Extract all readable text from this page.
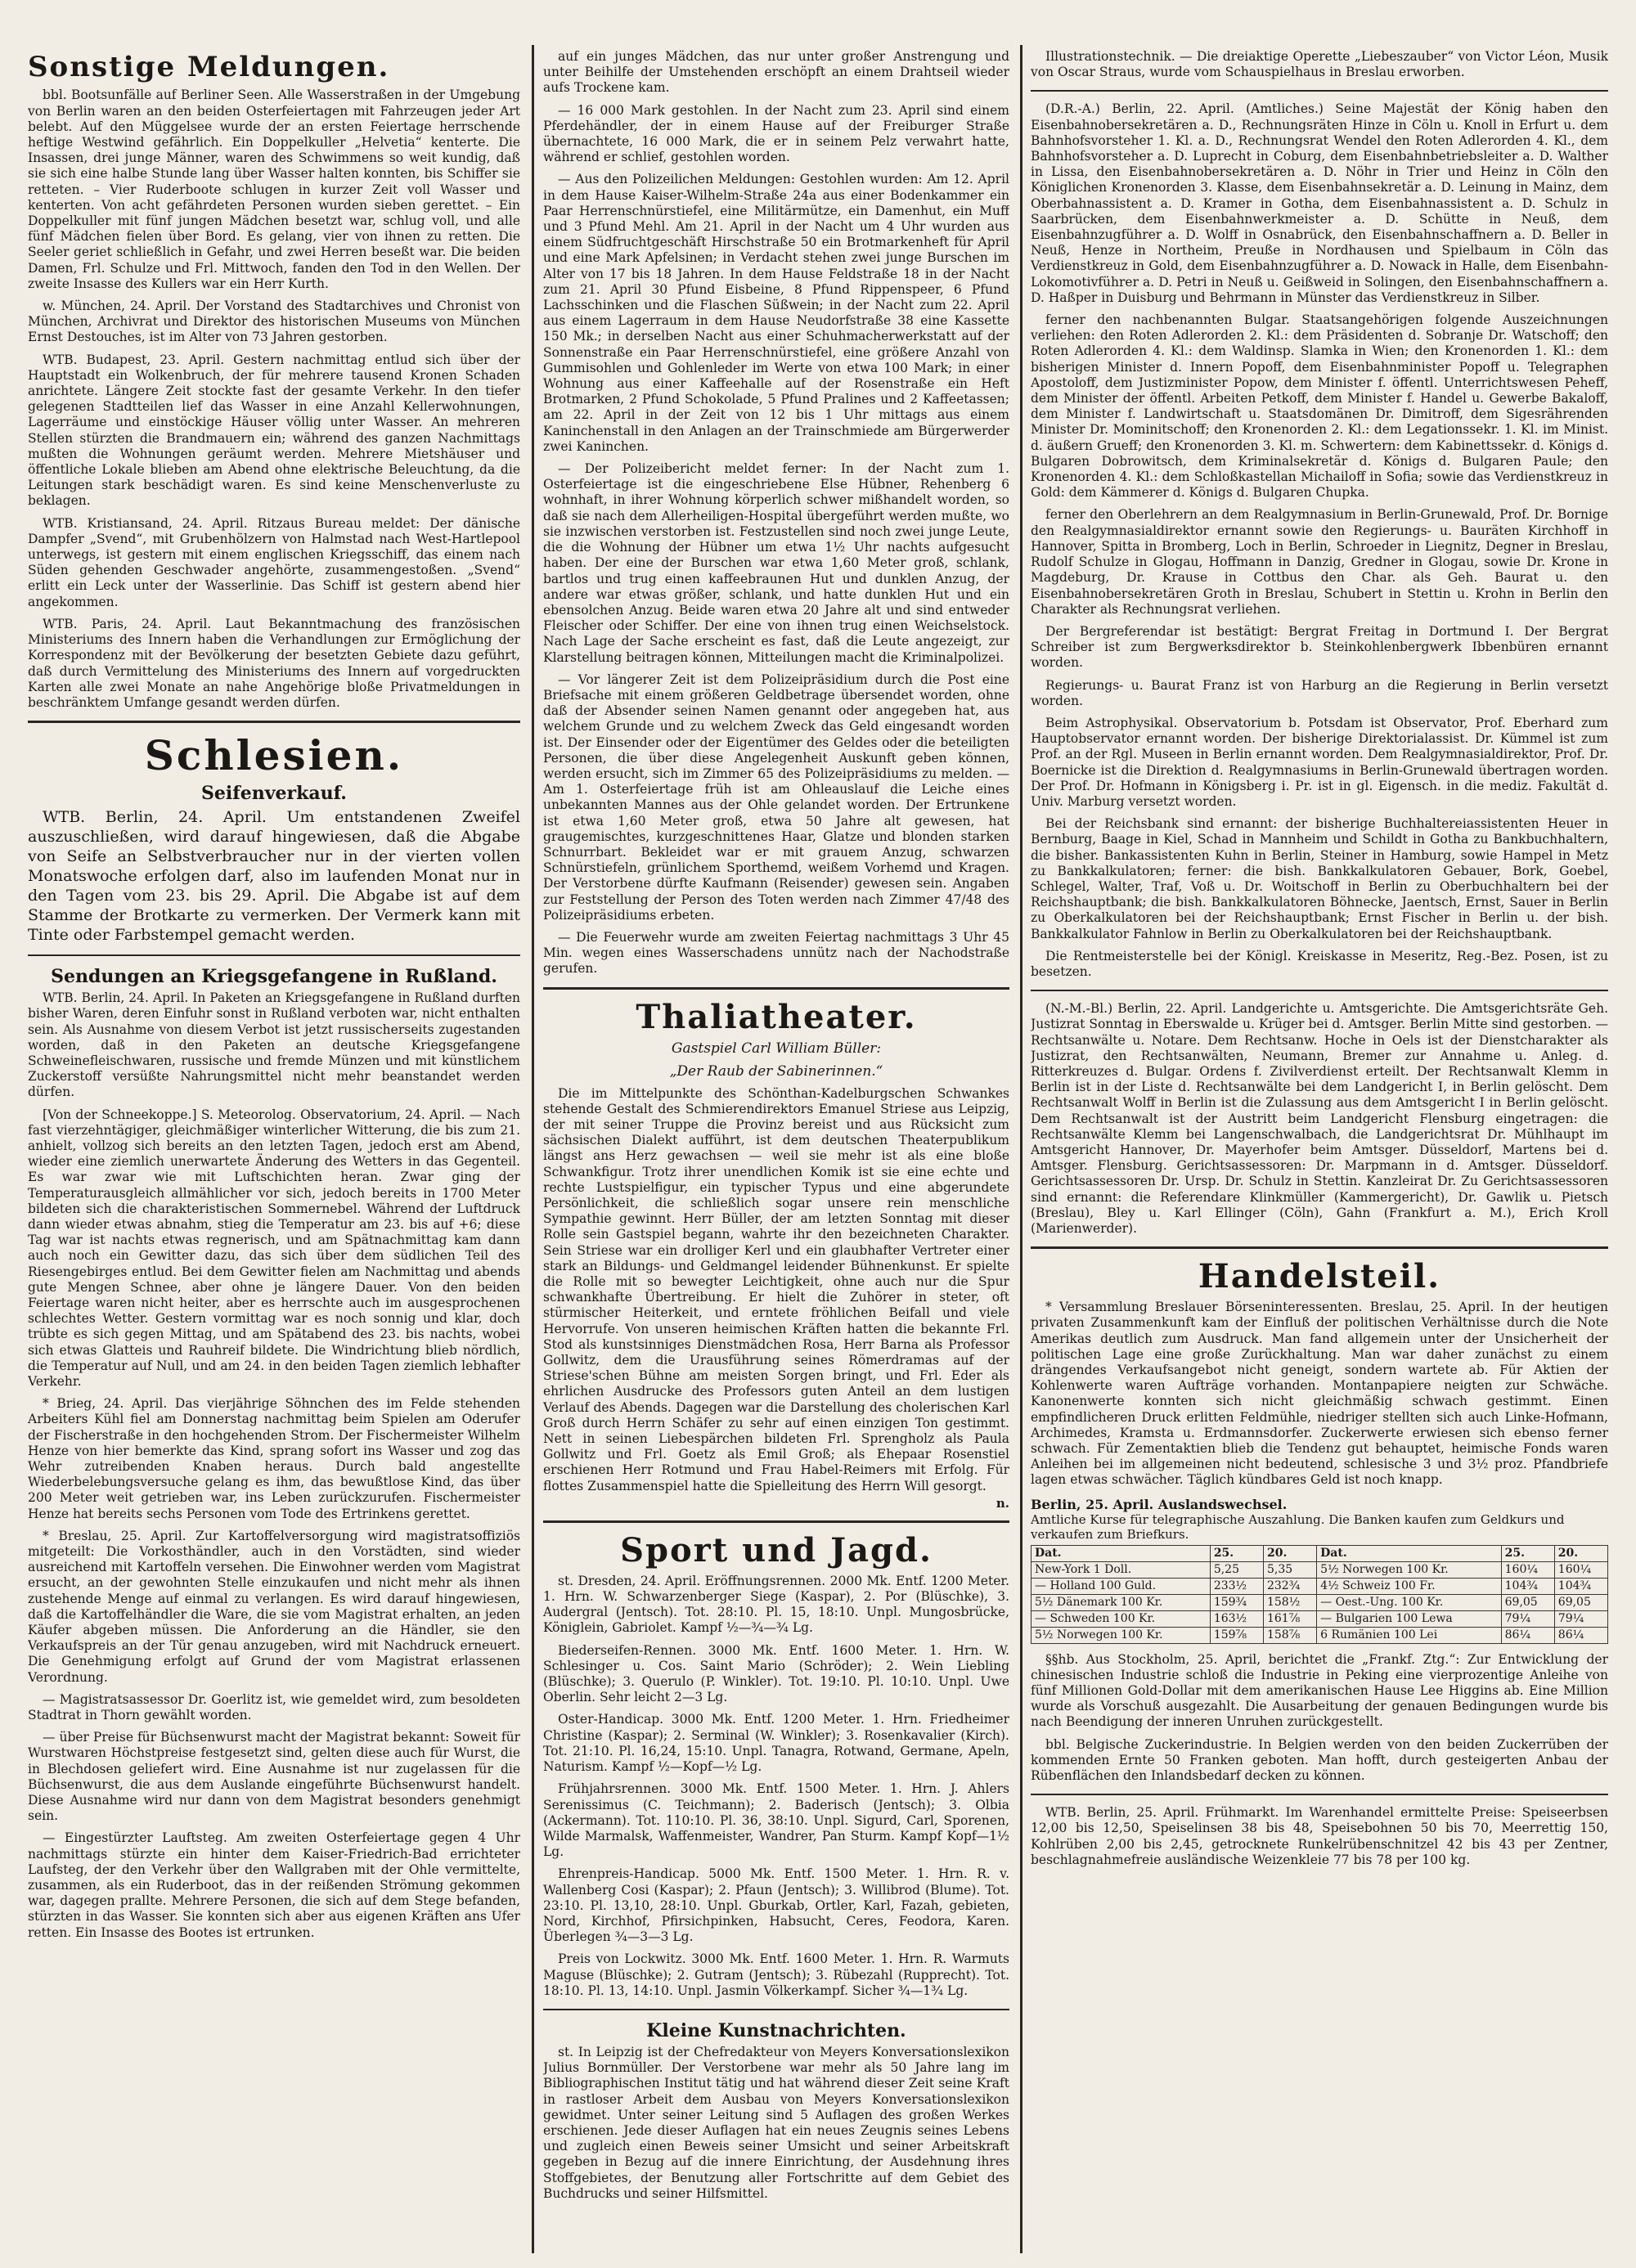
Sonstige Meldungen.

bbl. Bootsunfälle auf Berliner Seen. Alle Wasserstraßen in der Umgebung von Berlin waren an den beiden Osterfeiertagen mit Fahrzeugen jeder Art belebt. Auf den Müggelsee wurde der an ersten Feiertage herrschende heftige Westwind gefährlich. Ein Doppelkuller „Helvetia“ kenterte. Die Insassen, drei junge Männer, waren des Schwimmens so weit kundig, daß sie sich eine halbe Stunde lang über Wasser halten konnten, bis Schiffer sie retteten. – Vier Ruderboote schlugen in kurzer Zeit voll Wasser und kenterten. Von acht gefährdeten Personen wurden sieben gerettet. – Ein Doppelkuller mit fünf jungen Mädchen besetzt war, schlug voll, und alle fünf Mädchen fielen über Bord. Es gelang, vier von ihnen zu retten. Die Seeler geriet schließlich in Gefahr, und zwei Herren beseßt war. Die beiden Damen, Frl. Schulze und Frl. Mittwoch, fanden den Tod in den Wellen. Der zweite Insasse des Kullers war ein Herr Kurth.

w. München, 24. April. Der Vorstand des Stadtarchives und Chronist von München, Archivrat und Direktor des historischen Museums von München Ernst Destouches, ist im Alter von 73 Jahren gestorben.

WTB. Budapest, 23. April. Gestern nachmittag entlud sich über der Hauptstadt ein Wolkenbruch, der für mehrere tausend Kronen Schaden anrichtete. Längere Zeit stockte fast der gesamte Verkehr. In den tiefer gelegenen Stadtteilen lief das Wasser in eine Anzahl Kellerwohnungen, Lagerräume und einstöckige Häuser völlig unter Wasser. An mehreren Stellen stürzten die Brandmauern ein; während des ganzen Nachmittags mußten die Wohnungen geräumt werden. Mehrere Mietshäuser und öffentliche Lokale blieben am Abend ohne elektrische Beleuchtung, da die Leitungen stark beschädigt waren. Es sind keine Menschenverluste zu beklagen.

WTB. Kristiansand, 24. April. Ritzaus Bureau meldet: Der dänische Dampfer „Svend“, mit Grubenhölzern von Halmstad nach West-Hartlepool unterwegs, ist gestern mit einem englischen Kriegsschiff, das einem nach Süden gehenden Geschwader angehörte, zusammengestoßen. „Svend“ erlitt ein Leck unter der Wasserlinie. Das Schiff ist gestern abend hier angekommen.

WTB. Paris, 24. April. Laut Bekanntmachung des französischen Ministeriums des Innern haben die Verhandlungen zur Ermöglichung der Korrespondenz mit der Bevölkerung der besetzten Gebiete dazu geführt, daß durch Vermittelung des Ministeriums des Innern auf vorgedruckten Karten alle zwei Monate an nahe Angehörige bloße Privatmeldungen in beschränktem Umfange gesandt werden dürfen.

Schlesien.
Seifenverkauf.

WTB. Berlin, 24. April. Um entstandenen Zweifel auszuschließen, wird darauf hingewiesen, daß die Abgabe von Seife an Selbstverbraucher nur in der vierten vollen Monatswoche erfolgen darf, also im laufenden Monat nur in den Tagen vom 23. bis 29. April. Die Abgabe ist auf dem Stamme der Brotkarte zu vermerken. Der Vermerk kann mit Tinte oder Farbstempel gemacht werden.

Sendungen an Kriegsgefangene in Rußland.

WTB. Berlin, 24. April. In Paketen an Kriegsgefangene in Rußland durften bisher Waren, deren Einfuhr sonst in Rußland verboten war, nicht enthalten sein. Als Ausnahme von diesem Verbot ist jetzt russischerseits zugestanden worden, daß in den Paketen an deutsche Kriegsgefangene Schweinefleischwaren, russische und fremde Münzen und mit künstlichem Zuckerstoff versüßte Nahrungsmittel nicht mehr beanstandet werden dürfen.

[Von der Schneekoppe.] S. Meteorolog. Observatorium, 24. April. — Nach fast vierzehntägiger, gleichmäßiger winterlicher Witterung, die bis zum 21. anhielt, vollzog sich bereits an den letzten Tagen, jedoch erst am Abend, wieder eine ziemlich unerwartete Änderung des Wetters in das Gegenteil. Es war zwar wie mit Luftschichten heran. Zwar ging der Temperaturausgleich allmählicher vor sich, jedoch bereits in 1700 Meter bildeten sich die charakteristischen Sommernebel. Während der Luftdruck dann wieder etwas abnahm, stieg die Temperatur am 23. bis auf +6; diese Tag war ist nachts etwas regnerisch, und am Spätnachmittag kam dann auch noch ein Gewitter dazu, das sich über dem südlichen Teil des Riesengebirges entlud. Bei dem Gewitter fielen am Nachmittag und abends gute Mengen Schnee, aber ohne je längere Dauer. Von den beiden Feiertage waren nicht heiter, aber es herrschte auch im ausgesprochenen schlechtes Wetter. Gestern vormittag war es noch sonnig und klar, doch trübte es sich gegen Mittag, und am Spätabend des 23. bis nachts, wobei sich etwas Glatteis und Rauhreif bildete. Die Windrichtung blieb nördlich, die Temperatur auf Null, und am 24. in den beiden Tagen ziemlich lebhafter Verkehr.

* Brieg, 24. April. Das vierjährige Söhnchen des im Felde stehenden Arbeiters Kühl fiel am Donnerstag nachmittag beim Spielen am Oderufer der Fischerstraße in den hochgehenden Strom. Der Fischermeister Wilhelm Henze von hier bemerkte das Kind, sprang sofort ins Wasser und zog das Wehr zutreibenden Knaben heraus. Durch bald angestellte Wiederbelebungsversuche gelang es ihm, das bewußtlose Kind, das über 200 Meter weit getrieben war, ins Leben zurückzurufen. Fischermeister Henze hat bereits sechs Personen vom Tode des Ertrinkens gerettet.

* Breslau, 25. April. Zur Kartoffelversorgung wird magistratsoffiziös mitgeteilt: Die Vorkosthändler, auch in den Vorstädten, sind wieder ausreichend mit Kartoffeln versehen. Die Einwohner werden vom Magistrat ersucht, an der gewohnten Stelle einzukaufen und nicht mehr als ihnen zustehende Menge auf einmal zu verlangen. Es wird darauf hingewiesen, daß die Kartoffelhändler die Ware, die sie vom Magistrat erhalten, an jeden Käufer abgeben müssen. Die Anforderung an die Händler, sie den Verkaufspreis an der Tür genau anzugeben, wird mit Nachdruck erneuert. Die Genehmigung erfolgt auf Grund der vom Magistrat erlassenen Verordnung.

— Magistratsassessor Dr. Goerlitz ist, wie gemeldet wird, zum besoldeten Stadtrat in Thorn gewählt worden.

— über Preise für Büchsenwurst macht der Magistrat bekannt: Soweit für Wurstwaren Höchstpreise festgesetzt sind, gelten diese auch für Wurst, die in Blechdosen geliefert wird. Eine Ausnahme ist nur zugelassen für die Büchsenwurst, die aus dem Auslande eingeführte Büchsenwurst handelt. Diese Ausnahme wird nur dann von dem Magistrat besonders genehmigt sein.

— Eingestürzter Lauftsteg. Am zweiten Osterfeiertage gegen 4 Uhr nachmittags stürzte ein hinter dem Kaiser-Friedrich-Bad errichteter Laufsteg, der den Verkehr über den Wallgraben mit der Ohle vermittelte, zusammen, als ein Ruderboot, das in der reißenden Strömung gekommen war, dagegen prallte. Mehrere Personen, die sich auf dem Stege befanden, stürzten in das Wasser. Sie konnten sich aber aus eigenen Kräften ans Ufer retten. Ein Insasse des Bootes ist ertrunken.

auf ein junges Mädchen, das nur unter großer Anstrengung und unter Beihilfe der Umstehenden erschöpft an einem Drahtseil wieder aufs Trockene kam.

— 16 000 Mark gestohlen. In der Nacht zum 23. April sind einem Pferdehändler, der in einem Hause auf der Freiburger Straße übernachtete, 16 000 Mark, die er in seinem Pelz verwahrt hatte, während er schlief, gestohlen worden.

— Aus den Polizeilichen Meldungen: Gestohlen wurden: Am 12. April in dem Hause Kaiser-Wilhelm-Straße 24a aus einer Bodenkammer ein Paar Herrenschnürstiefel, eine Militärmütze, ein Damenhut, ein Muff und 3 Pfund Mehl. Am 21. April in der Nacht um 4 Uhr wurden aus einem Südfruchtgeschäft Hirschstraße 50 ein Brotmarkenheft für April und eine Mark Apfelsinen; in Verdacht stehen zwei junge Burschen im Alter von 17 bis 18 Jahren. In dem Hause Feldstraße 18 in der Nacht zum 21. April 30 Pfund Eisbeine, 8 Pfund Rippenspeer, 6 Pfund Lachsschinken und die Flaschen Süßwein; in der Nacht zum 22. April aus einem Lagerraum in dem Hause Neudorfstraße 38 eine Kassette 150 Mk.; in derselben Nacht aus einer Schuhmacherwerkstatt auf der Sonnenstraße ein Paar Herrenschnürstiefel, eine größere Anzahl von Gummisohlen und Gohlenleder im Werte von etwa 100 Mark; in einer Wohnung aus einer Kaffeehalle auf der Rosenstraße ein Heft Brotmarken, 2 Pfund Schokolade, 5 Pfund Pralines und 2 Kaffeetassen; am 22. April in der Zeit von 12 bis 1 Uhr mittags aus einem Kaninchenstall in den Anlagen an der Trainschmiede am Bürgerwerder zwei Kaninchen.

— Der Polizeibericht meldet ferner: In der Nacht zum 1. Osterfeiertage ist die eingeschriebene Else Hübner, Rehenberg 6 wohnhaft, in ihrer Wohnung körperlich schwer mißhandelt worden, so daß sie nach dem Allerheiligen-Hospital übergeführt werden mußte, wo sie inzwischen verstorben ist. Festzustellen sind noch zwei junge Leute, die die Wohnung der Hübner um etwa 1½ Uhr nachts aufgesucht haben. Der eine der Burschen war etwa 1,60 Meter groß, schlank, bartlos und trug einen kaffeebraunen Hut und dunklen Anzug, der andere war etwas größer, schlank, und hatte dunklen Hut und ein ebensolchen Anzug. Beide waren etwa 20 Jahre alt und sind entweder Fleischer oder Schiffer. Der eine von ihnen trug einen Weichselstock. Nach Lage der Sache erscheint es fast, daß die Leute angezeigt, zur Klarstellung beitragen können, Mitteilungen macht die Kriminalpolizei.

— Vor längerer Zeit ist dem Polizeipräsidium durch die Post eine Briefsache mit einem größeren Geldbetrage übersendet worden, ohne daß der Absender seinen Namen genannt oder angegeben hat, aus welchem Grunde und zu welchem Zweck das Geld eingesandt worden ist. Der Einsender oder der Eigentümer des Geldes oder die beteiligten Personen, die über diese Angelegenheit Auskunft geben können, werden ersucht, sich im Zimmer 65 des Polizeipräsidiums zu melden. — Am 1. Osterfeiertage früh ist am Ohleauslauf die Leiche eines unbekannten Mannes aus der Ohle gelandet worden. Der Ertrunkene ist etwa 1,60 Meter groß, etwa 50 Jahre alt gewesen, hat graugemischtes, kurzgeschnittenes Haar, Glatze und blonden starken Schnurrbart. Bekleidet war er mit grauem Anzug, schwarzen Schnürstiefeln, grünlichem Sporthemd, weißem Vorhemd und Kragen. Der Verstorbene dürfte Kaufmann (Reisender) gewesen sein. Angaben zur Feststellung der Person des Toten werden nach Zimmer 47/48 des Polizeipräsidiums erbeten.

— Die Feuerwehr wurde am zweiten Feiertag nachmittags 3 Uhr 45 Min. wegen eines Wasserschadens unnütz nach der Nachodstraße gerufen.

Thaliatheater.
Gastspiel Carl William Büller:
„Der Raub der Sabinerinnen.“

Die im Mittelpunkte des Schönthan-Kadelburgschen Schwankes stehende Gestalt des Schmierendirektors Emanuel Striese aus Leipzig, der mit seiner Truppe die Provinz bereist und aus Rücksicht zum sächsischen Dialekt aufführt, ist dem deutschen Theaterpublikum längst ans Herz gewachsen — weil sie mehr ist als eine bloße Schwankfigur. Trotz ihrer unendlichen Komik ist sie eine echte und rechte Lustspielfigur, ein typischer Typus und eine abgerundete Persönlichkeit, die schließlich sogar unsere rein menschliche Sympathie gewinnt. Herr Büller, der am letzten Sonntag mit dieser Rolle sein Gastspiel begann, wahrte ihr den bezeichneten Charakter. Sein Striese war ein drolliger Kerl und ein glaubhafter Vertreter einer stark an Bildungs- und Geldmangel leidender Bühnenkunst. Er spielte die Rolle mit so bewegter Leichtigkeit, ohne auch nur die Spur schwankhafte Übertreibung. Er hielt die Zuhörer in steter, oft stürmischer Heiterkeit, und erntete fröhlichen Beifall und viele Hervorrufe. Von unseren heimischen Kräften hatten die bekannte Frl. Stod als kunstsinniges Dienstmädchen Rosa, Herr Barna als Professor Gollwitz, dem die Urausführung seines Römerdramas auf der Striese'schen Bühne am meisten Sorgen bringt, und Frl. Eder als ehrlichen Ausdrucke des Professors guten Anteil an dem lustigen Verlauf des Abends. Dagegen war die Darstellung des cholerischen Karl Groß durch Herrn Schäfer zu sehr auf einen einzigen Ton gestimmt. Nett in seinen Liebespärchen bildeten Frl. Sprengholz als Paula Gollwitz und Frl. Goetz als Emil Groß; als Ehepaar Rosenstiel erschienen Herr Rotmund und Frau Habel-Reimers mit Erfolg. Für flottes Zusammenspiel hatte die Spielleitung des Herrn Will gesorgt.

n.
Sport und Jagd.

st. Dresden, 24. April. Eröffnungsrennen. 2000 Mk. Entf. 1200 Meter. 1. Hrn. W. Schwarzenberger Siege (Kaspar), 2. Por (Blüschke), 3. Audergral (Jentsch). Tot. 28:10. Pl. 15, 18:10. Unpl. Mungosbrücke, Königlein, Gabriolet. Kampf ½—¾—¾ Lg.

Biederseifen-Rennen. 3000 Mk. Entf. 1600 Meter. 1. Hrn. W. Schlesinger u. Cos. Saint Mario (Schröder); 2. Wein Liebling (Blüschke); 3. Querulo (P. Winkler). Tot. 19:10. Pl. 10:10. Unpl. Uwe Oberlin. Sehr leicht 2—3 Lg.

Oster-Handicap. 3000 Mk. Entf. 1200 Meter. 1. Hrn. Friedheimer Christine (Kaspar); 2. Serminal (W. Winkler); 3. Rosenkavalier (Kirch). Tot. 21:10. Pl. 16,24, 15:10. Unpl. Tanagra, Rotwand, Germane, Apeln, Naturism. Kampf ½—Kopf—½ Lg.

Frühjahrsrennen. 3000 Mk. Entf. 1500 Meter. 1. Hrn. J. Ahlers Serenissimus (C. Teichmann); 2. Baderisch (Jentsch); 3. Olbia (Ackermann). Tot. 110:10. Pl. 36, 38:10. Unpl. Sigurd, Carl, Sporenen, Wilde Marmalsk, Waffenmeister, Wandrer, Pan Sturm. Kampf Kopf—1½ Lg.

Ehrenpreis-Handicap. 5000 Mk. Entf. 1500 Meter. 1. Hrn. R. v. Wallenberg Cosi (Kaspar); 2. Pfaun (Jentsch); 3. Willibrod (Blume). Tot. 23:10. Pl. 13,10, 28:10. Unpl. Gburkab, Ortler, Karl, Fazah, gebieten, Nord, Kirchhof, Pfirsichpinken, Habsucht, Ceres, Feodora, Karen. Überlegen ¾—3—3 Lg.

Preis von Lockwitz. 3000 Mk. Entf. 1600 Meter. 1. Hrn. R. Warmuts Maguse (Blüschke); 2. Gutram (Jentsch); 3. Rübezahl (Rupprecht). Tot. 18:10. Pl. 13, 14:10. Unpl. Jasmin Völkerkampf. Sicher ¾—1¾ Lg.

Kleine Kunstnachrichten.

st. In Leipzig ist der Chefredakteur von Meyers Konversationslexikon Julius Bornmüller. Der Verstorbene war mehr als 50 Jahre lang im Bibliographischen Institut tätig und hat während dieser Zeit seine Kraft in rastloser Arbeit dem Ausbau von Meyers Konversationslexikon gewidmet. Unter seiner Leitung sind 5 Auflagen des großen Werkes erschienen. Jede dieser Auflagen hat ein neues Zeugnis seines Lebens und zugleich einen Beweis seiner Umsicht und seiner Arbeitskraft gegeben in Bezug auf die innere Einrichtung, der Ausdehnung ihres Stoffgebietes, der Benutzung aller Fortschritte auf dem Gebiet des Buchdrucks und seiner Hilfsmittel.

Illustrationstechnik. — Die dreiaktige Operette „Liebeszauber“ von Victor Léon, Musik von Oscar Straus, wurde vom Schauspielhaus in Breslau erworben.

(D.R.-A.) Berlin, 22. April. (Amtliches.) Seine Majestät der König haben den Eisenbahnobersekretären a. D., Rechnungsräten Hinze in Cöln u. Knoll in Erfurt u. dem Bahnhofsvorsteher 1. Kl. a. D., Rechnungsrat Wendel den Roten Adlerorden 4. Kl., dem Bahnhofsvorsteher a. D. Luprecht in Coburg, dem Eisenbahnbetriebsleiter a. D. Walther in Lissa, den Eisenbahnobersekretären a. D. Nöhr in Trier und Heinz in Cöln den Königlichen Kronenorden 3. Klasse, dem Eisenbahnsekretär a. D. Leinung in Mainz, dem Oberbahnassistent a. D. Kramer in Gotha, dem Eisenbahnassistent a. D. Schulz in Saarbrücken, dem Eisenbahnwerkmeister a. D. Schütte in Neuß, dem Eisenbahnzugführer a. D. Wolff in Osnabrück, den Eisenbahnschaffnern a. D. Beller in Neuß, Henze in Northeim, Preuße in Nordhausen und Spielbaum in Cöln das Verdienstkreuz in Gold, dem Eisenbahnzugführer a. D. Nowack in Halle, dem Eisenbahn-Lokomotivführer a. D. Petri in Neuß u. Geißweid in Solingen, den Eisenbahnschaffnern a. D. Haßper in Duisburg und Behrmann in Münster das Verdienstkreuz in Silber.

ferner den nachbenannten Bulgar. Staatsangehörigen folgende Auszeichnungen verliehen: den Roten Adlerorden 2. Kl.: dem Präsidenten d. Sobranje Dr. Watschoff; den Roten Adlerorden 4. Kl.: dem Waldinsp. Slamka in Wien; den Kronenorden 1. Kl.: dem bisherigen Minister d. Innern Popoff, dem Eisenbahnminister Popoff u. Telegraphen Apostoloff, dem Justizminister Popow, dem Minister f. öffentl. Unterrichtswesen Peheff, dem Minister der öffentl. Arbeiten Petkoff, dem Minister f. Handel u. Gewerbe Bakaloff, dem Minister f. Landwirtschaft u. Staatsdomänen Dr. Dimitroff, dem Sigesrährenden Minister Dr. Mominitschoff; den Kronenorden 2. Kl.: dem Legationssekr. 1. Kl. im Minist. d. äußern Grueff; den Kronenorden 3. Kl. m. Schwertern: dem Kabinettssekr. d. Königs d. Bulgaren Dobrowitsch, dem Kriminalsekretär d. Königs d. Bulgaren Paule; den Kronenorden 4. Kl.: dem Schloßkastellan Michailoff in Sofia; sowie das Verdienstkreuz in Gold: dem Kämmerer d. Königs d. Bulgaren Chupka.

ferner den Oberlehrern an dem Realgymnasium in Berlin-Grunewald, Prof. Dr. Bornige den Realgymnasialdirektor ernannt sowie den Regierungs- u. Bauräten Kirchhoff in Hannover, Spitta in Bromberg, Loch in Berlin, Schroeder in Liegnitz, Degner in Breslau, Rudolf Schulze in Glogau, Hoffmann in Danzig, Gredner in Glogau, sowie Dr. Krone in Magdeburg, Dr. Krause in Cottbus den Char. als Geh. Baurat u. den Eisenbahnobersekretären Groth in Breslau, Schubert in Stettin u. Krohn in Berlin den Charakter als Rechnungsrat verliehen.

Der Bergreferendar ist bestätigt: Bergrat Freitag in Dortmund I. Der Bergrat Schreiber ist zum Bergwerksdirektor b. Steinkohlenbergwerk Ibbenbüren ernannt worden.

Regierungs- u. Baurat Franz ist von Harburg an die Regierung in Berlin versetzt worden.

Beim Astrophysikal. Observatorium b. Potsdam ist Observator, Prof. Eberhard zum Hauptobservator ernannt worden. Der bisherige Direktorialassist. Dr. Kümmel ist zum Prof. an der Rgl. Museen in Berlin ernannt worden. Dem Realgymnasialdirektor, Prof. Dr. Boernicke ist die Direktion d. Realgymnasiums in Berlin-Grunewald übertragen worden. Der Prof. Dr. Hofmann in Königsberg i. Pr. ist in gl. Eigensch. in die mediz. Fakultät d. Univ. Marburg versetzt worden.

Bei der Reichsbank sind ernannt: der bisherige Buchhaltereiassistenten Heuer in Bernburg, Baage in Kiel, Schad in Mannheim und Schildt in Gotha zu Bankbuchhaltern, die bisher. Bankassistenten Kuhn in Berlin, Steiner in Hamburg, sowie Hampel in Metz zu Bankkalkulatoren; ferner: die bish. Bankkalkulatoren Gebauer, Bork, Goebel, Schlegel, Walter, Traf, Voß u. Dr. Woitschoff in Berlin zu Oberbuchhaltern bei der Reichshauptbank; die bish. Bankkalkulatoren Böhnecke, Jaentsch, Ernst, Sauer in Berlin zu Oberkalkulatoren bei der Reichshauptbank; Ernst Fischer in Berlin u. der bish. Bankkalkulator Fahnlow in Berlin zu Oberkalkulatoren bei der Reichshauptbank.

Die Rentmeisterstelle bei der Königl. Kreiskasse in Meseritz, Reg.-Bez. Posen, ist zu besetzen.

(N.-M.-Bl.) Berlin, 22. April. Landgerichte u. Amtsgerichte. Die Amtsgerichtsräte Geh. Justizrat Sonntag in Eberswalde u. Krüger bei d. Amtsger. Berlin Mitte sind gestorben. — Rechtsanwälte u. Notare. Dem Rechtsanw. Hoche in Oels ist der Dienstcharakter als Justizrat, den Rechtsanwälten, Neumann, Bremer zur Annahme u. Anleg. d. Ritterkreuzes d. Bulgar. Ordens f. Zivilverdienst erteilt. Der Rechtsanwalt Klemm in Berlin ist in der Liste d. Rechtsanwälte bei dem Landgericht I, in Berlin gelöscht. Dem Rechtsanwalt Wolff in Berlin ist die Zulassung aus dem Amtsgericht I in Berlin gelöscht. Dem Rechtsanwalt ist der Austritt beim Landgericht Flensburg eingetragen: die Rechtsanwälte Klemm bei Langenschwalbach, die Landgerichtsrat Dr. Mühlhaupt im Amtsgericht Hannover, Dr. Mayerhofer beim Amtsger. Düsseldorf, Martens bei d. Amtsger. Flensburg. Gerichtsassessoren: Dr. Marpmann in d. Amtsger. Düsseldorf. Gerichtsassessoren Dr. Ursp. Dr. Schulz in Stettin. Kanzleirat Dr. Zu Gerichtsassessoren sind ernannt: die Referendare Klinkmüller (Kammergericht), Dr. Gawlik u. Pietsch (Breslau), Bley u. Karl Ellinger (Cöln), Gahn (Frankfurt a. M.), Erich Kroll (Marienwerder).

Handelsteil.

* Versammlung Breslauer Börseninteressenten. Breslau, 25. April. In der heutigen privaten Zusammenkunft kam der Einfluß der politischen Verhältnisse durch die Note Amerikas deutlich zum Ausdruck. Man fand allgemein unter der Unsicherheit der politischen Lage eine große Zurückhaltung. Man war daher zunächst zu einem drängendes Verkaufsangebot nicht geneigt, sondern wartete ab. Für Aktien der Kohlenwerte waren Aufträge vorhanden. Montanpapiere neigten zur Schwäche. Kanonenwerte konnten sich nicht gleichmäßig schwach gestimmt. Einen empfindlicheren Druck erlitten Feldmühle, niedriger stellten sich auch Linke-Hofmann, Archimedes, Kramsta u. Erdmannsdorfer. Zuckerwerte erwiesen sich ebenso ferner schwach. Für Zementaktien blieb die Tendenz gut behauptet, heimische Fonds waren Anleihen bei im allgemeinen nicht bedeutend, schlesische 3 und 3½ proz. Pfandbriefe lagen etwas schwächer. Täglich kündbares Geld ist noch knapp.

Berlin, 25. April. Auslandswechsel.
Amtliche Kurse für telegraphische Auszahlung. Die Banken kaufen zum Geldkurs und verkaufen zum Briefkurs.
Dat.	25.	20.	Dat.	25.	20.
New-York 1 Doll.	5,25	5,35	5½ Norwegen 100 Kr.	160¼	160¼
— Holland 100 Guld.	233½	232¾	4½ Schweiz 100 Fr.	104¾	104¾
5½ Dänemark 100 Kr.	159¾	158½	— Oest.-Ung. 100 Kr.	69,05	69,05
— Schweden 100 Kr.	163½	161⅞	— Bulgarien 100 Lewa	79¼	79¼
5½ Norwegen 100 Kr.	159⅞	158⅞	6 Rumänien 100 Lei	86¼	86¼

§§hb. Aus Stockholm, 25. April, berichtet die „Frankf. Ztg.“: Zur Entwicklung der chinesischen Industrie schloß die Industrie in Peking eine vierprozentige Anleihe von fünf Millionen Gold-Dollar mit dem amerikanischen Hause Lee Higgins ab. Eine Million wurde als Vorschuß ausgezahlt. Die Ausarbeitung der genauen Bedingungen wurde bis nach Beendigung der inneren Unruhen zurückgestellt.

bbl. Belgische Zuckerindustrie. In Belgien werden von den beiden Zuckerrüben der kommenden Ernte 50 Franken geboten. Man hofft, durch gesteigerten Anbau der Rübenflächen den Inlandsbedarf decken zu können.

WTB. Berlin, 25. April. Frühmarkt. Im Warenhandel ermittelte Preise: Speiseerbsen 12,00 bis 12,50, Speiselinsen 38 bis 48, Speisebohnen 50 bis 70, Meerrettig 150, Kohlrüben 2,00 bis 2,45, getrocknete Runkelrübenschnitzel 42 bis 43 per Zentner, beschlagnahmefreie ausländische Weizenkleie 77 bis 78 per 100 kg.
